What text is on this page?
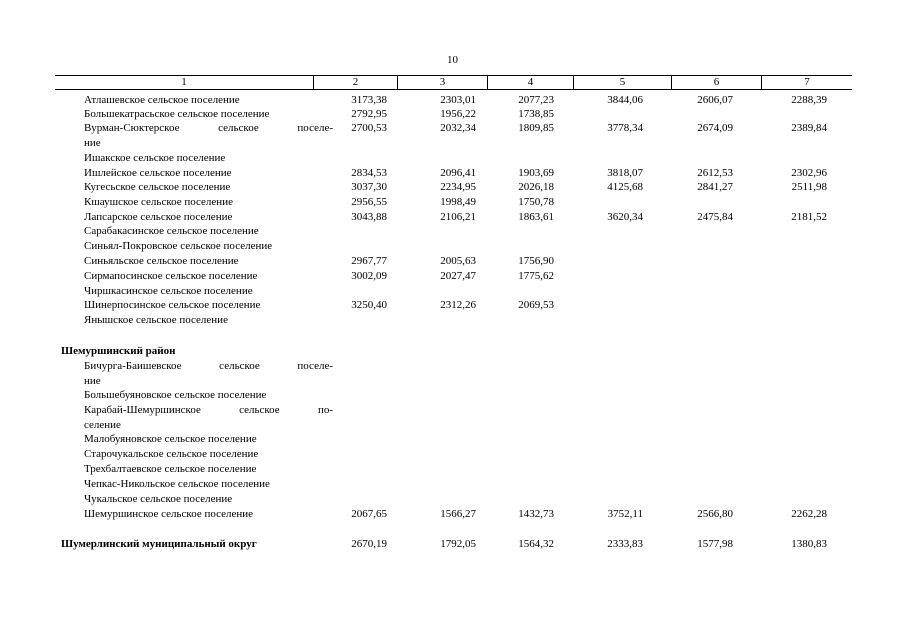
10
1	2	3	4	5	6	7
Атлашевское сельское поселение	3173,38	2303,01	2077,23	3844,06	2606,07	2288,39
Большекатрасьское сельское поселение	2792,95	1956,22	1738,85
Вурман-Сюктерское сельское поселе-	2700,53	2032,34	1809,85	3778,34	2674,09	2389,84
ние
Ишакское сельское поселение
Ишлейское сельское поселение	2834,53	2096,41	1903,69	3818,07	2612,53	2302,96
Кугесьское сельское поселение	3037,30	2234,95	2026,18	4125,68	2841,27	2511,98
Кшаушское сельское поселение	2956,55	1998,49	1750,78
Лапсарское сельское поселение	3043,88	2106,21	1863,61	3620,34	2475,84	2181,52
Сарабакасинское сельское поселение
Синьял-Покровское сельское поселение
Синьяльское сельское поселение	2967,77	2005,63	1756,90
Сирмапосинское сельское поселение	3002,09	2027,47	1775,62
Чиршкасинское сельское поселение
Шинерпосинское сельское поселение	3250,40	2312,26	2069,53
Янышское сельское поселение
Шемуршинский район
Бичурга-Баишевское сельское поселе-
ние
Большебуяновское сельское поселение
Карабай-Шемуршинское сельское по-
селение
Малобуяновское сельское поселение
Старочукальское сельское поселение
Трехбалтаевское сельское поселение
Чепкас-Никольское сельское поселение
Чукальское сельское поселение
Шемуршинское сельское поселение	2067,65	1566,27	1432,73	3752,11	2566,80	2262,28
Шумерлинский муниципальный округ	2670,19	1792,05	1564,32	2333,83	1577,98	1380,83
